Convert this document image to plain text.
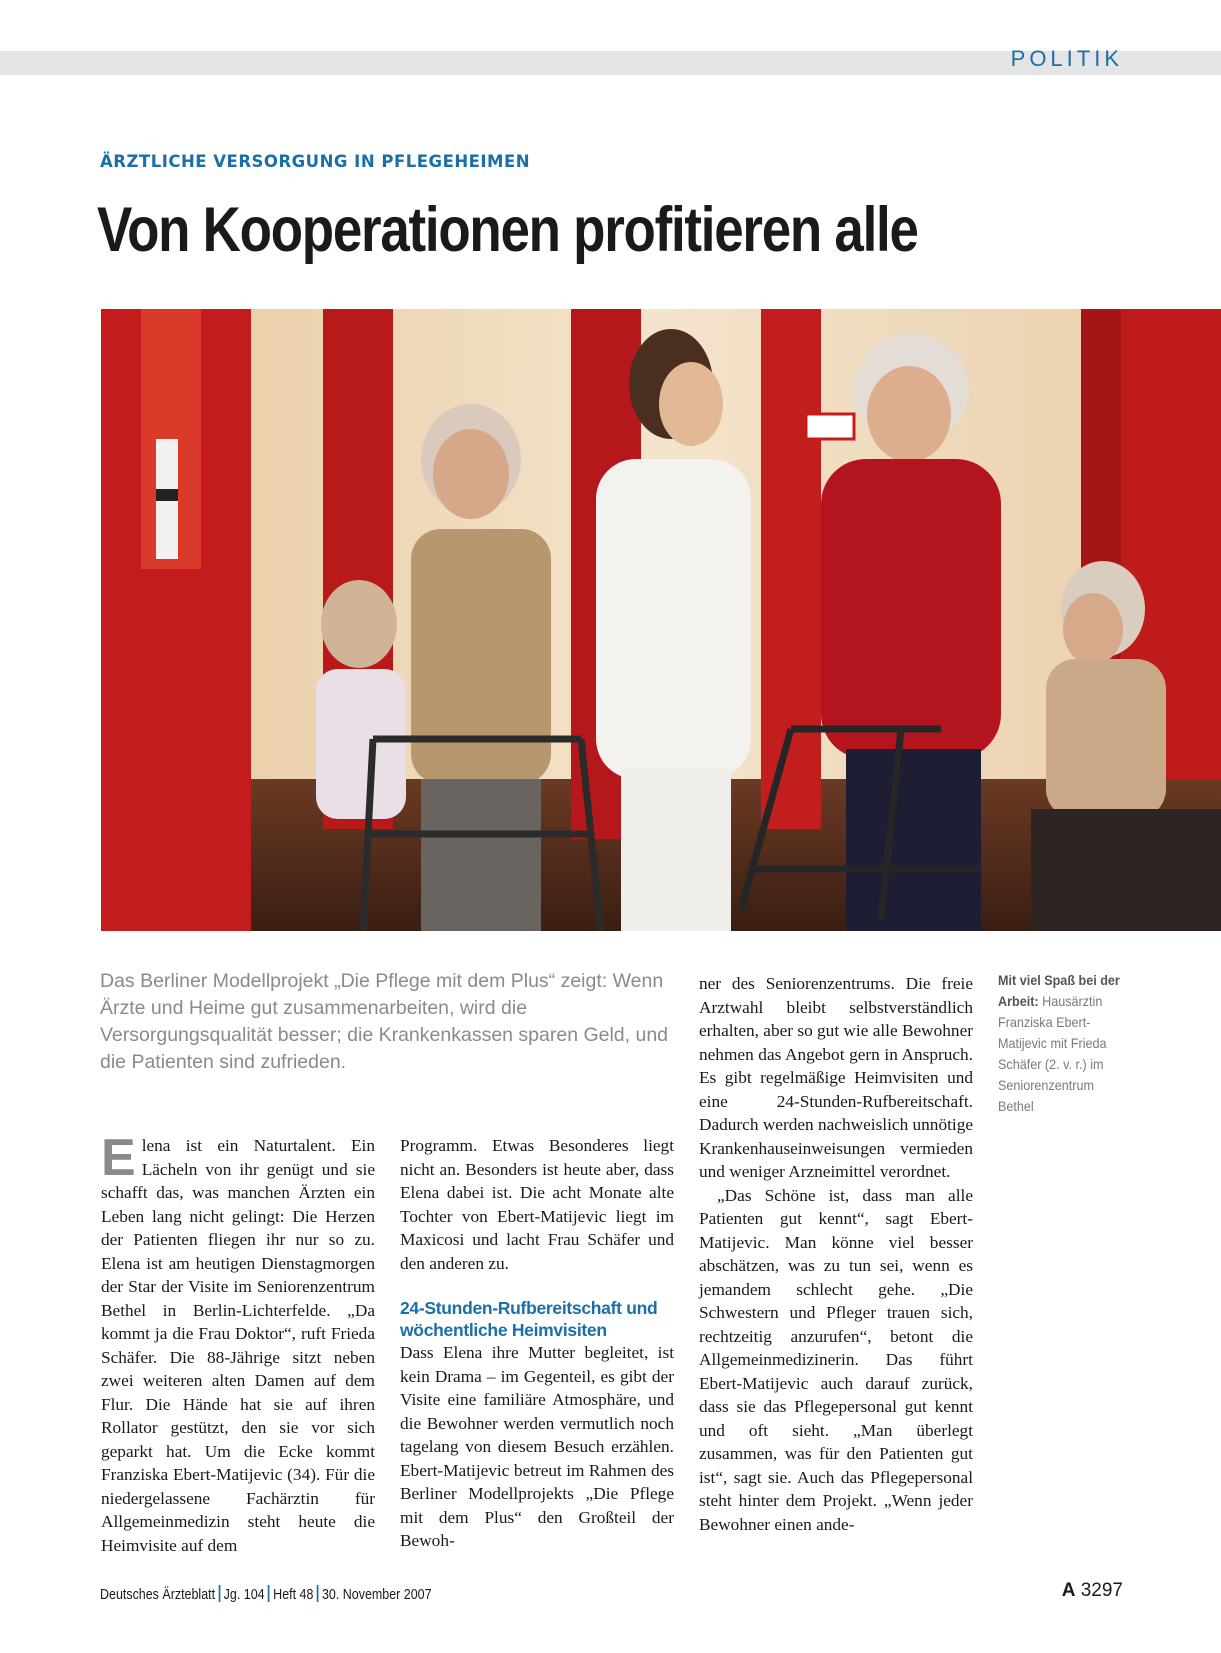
POLITIK
ÄRZTLICHE VERSORGUNG IN PFLEGEHEIMEN
Von Kooperationen profitieren alle
Das Berliner Modellprojekt „Die Pflege mit dem Plus“ zeigt: Wenn Ärzte und Heime gut zusammenarbeiten, wird die Versorgungsqualität besser; die Krankenkassen sparen Geld, und die Patienten sind zufrieden.
Mit viel Spaß bei der Arbeit: Hausärztin Franziska Ebert-Matijevic mit Frieda Schäfer (2. v. r.) im Seniorenzentrum Bethel
E lena ist ein Naturtalent. Ein Lächeln von ihr genügt und sie schafft das, was manchen Ärzten ein Leben lang nicht gelingt: Die Herzen der Patienten fliegen ihr nur so zu. Elena ist am heutigen Dienstagmorgen der Star der Visite im Seniorenzentrum Bethel in Berlin-Lichterfelde. „Da kommt ja die Frau Doktor“, ruft Frieda Schäfer. Die 88-Jährige sitzt neben zwei weiteren alten Damen auf dem Flur. Die Hände hat sie auf ihren Rollator gestützt, den sie vor sich geparkt hat. Um die Ecke kommt Franziska Ebert-Matijevic (34). Für die niedergelassene Fachärztin für Allgemeinmedizin steht heute die Heimvisite auf dem

Programm. Etwas Besonderes liegt nicht an. Besonders ist heute aber, dass Elena dabei ist. Die acht Monate alte Tochter von Ebert-Matijevic liegt im Maxicosi und lacht Frau Schäfer und den anderen zu.

24-Stunden-Rufbereitschaft und wöchentliche Heimvisiten

Dass Elena ihre Mutter begleitet, ist kein Drama – im Gegenteil, es gibt der Visite eine familiäre Atmosphäre, und die Bewohner werden vermutlich noch tagelang von diesem Besuch erzählen. Ebert-Matijevic betreut im Rahmen des Berliner Modellprojekts „Die Pflege mit dem Plus“ den Großteil der Bewoh-

ner des Seniorenzentrums. Die freie Arztwahl bleibt selbstverständlich erhalten, aber so gut wie alle Bewohner nehmen das Angebot gern in Anspruch. Es gibt regelmäßige Heimvisiten und eine 24-Stunden-Rufbereitschaft. Dadurch werden nachweislich unnötige Krankenhauseinweisungen vermieden und weniger Arzneimittel verordnet.

„Das Schöne ist, dass man alle Patienten gut kennt“, sagt Ebert-Matijevic. Man könne viel besser abschätzen, was zu tun sei, wenn es jemandem schlecht gehe. „Die Schwestern und Pfleger trauen sich, rechtzeitig anzurufen“, betont die Allgemeinmedizinerin. Das führt Ebert-Matijevic auch darauf zurück, dass sie das Pflegepersonal gut kennt und oft sieht. „Man überlegt zusammen, was für den Patienten gut ist“, sagt sie. Auch das Pflegepersonal steht hinter dem Projekt. „Wenn jeder Bewohner einen ande-

Deutsches Ärzteblatt Jg. 104 Heft 48 30. November 2007	A 3297
